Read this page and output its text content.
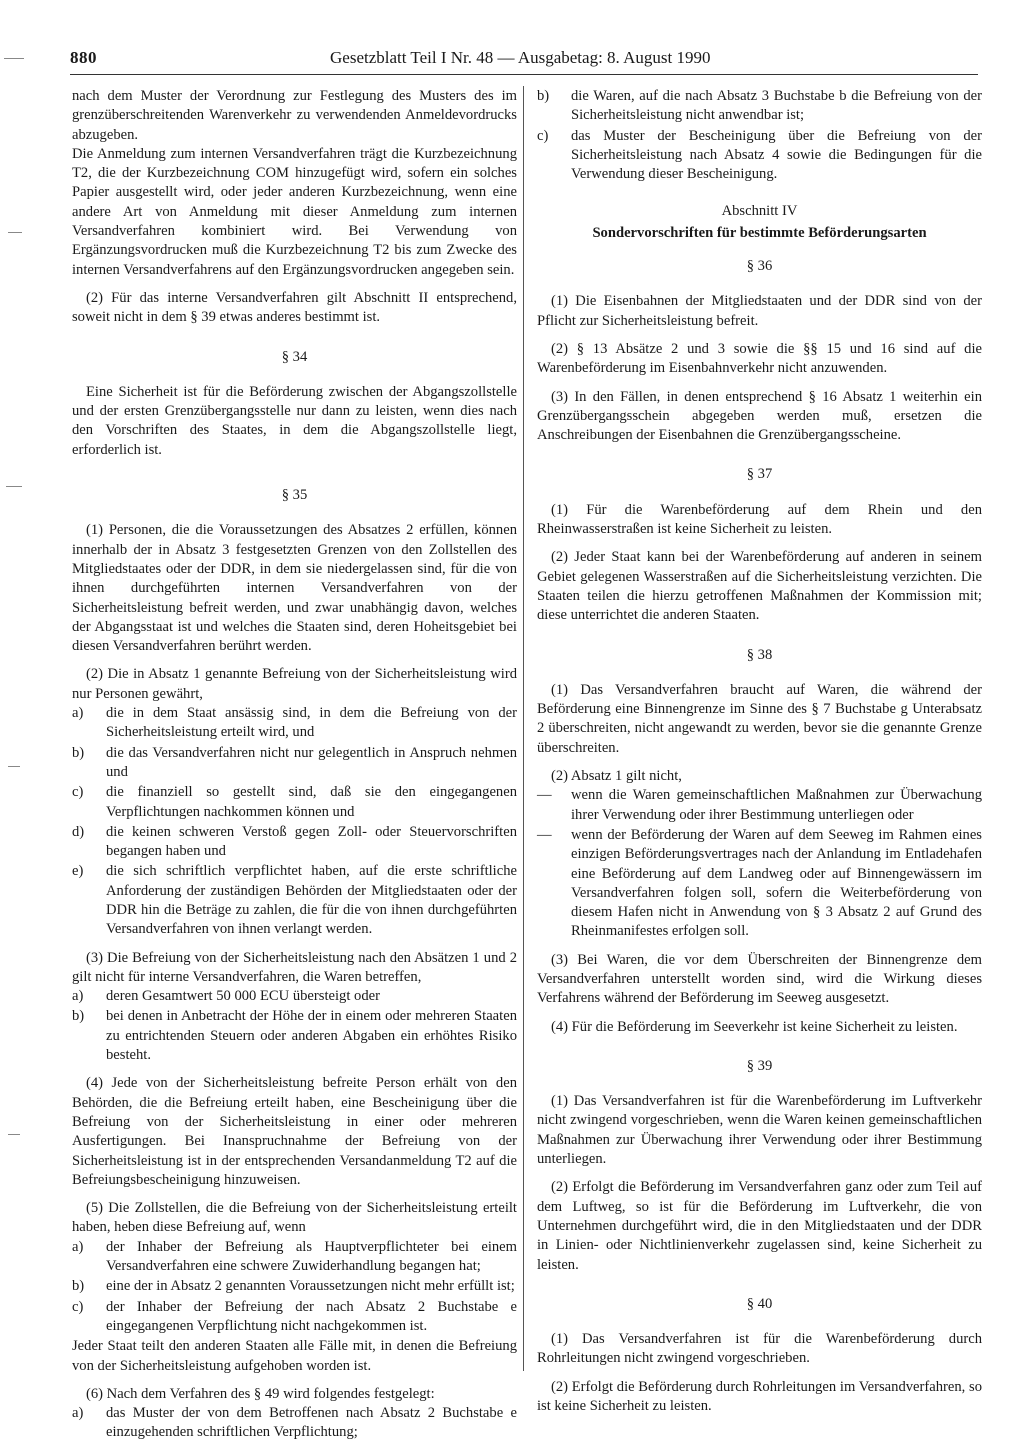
880	Gesetzblatt Teil I Nr. 48 — Ausgabetag: 8. August 1990

nach dem Muster der Verordnung zur Festlegung des Musters des im grenzüberschreitenden Warenverkehr zu verwendenden Anmeldevordrucks abzugeben.

Die Anmeldung zum internen Versandverfahren trägt die Kurzbezeichnung T2, die der Kurzbezeichnung COM hinzugefügt wird, sofern ein solches Papier ausgestellt wird, oder jeder anderen Kurzbezeichnung, wenn eine andere Art von Anmeldung mit dieser Anmeldung zum internen Versandverfahren kombiniert wird. Bei Verwendung von Ergänzungsvordrucken muß die Kurzbezeichnung T2 bis zum Zwecke des internen Versandverfahrens auf den Ergänzungsvordrucken angegeben sein.

(2) Für das interne Versandverfahren gilt Abschnitt II entsprechend, soweit nicht in dem § 39 etwas anderes bestimmt ist.

§ 34

Eine Sicherheit ist für die Beförderung zwischen der Abgangszollstelle und der ersten Grenzübergangsstelle nur dann zu leisten, wenn dies nach den Vorschriften des Staates, in dem die Abgangszollstelle liegt, erforderlich ist.

§ 35

(1) Personen, die die Voraussetzungen des Absatzes 2 erfüllen, können innerhalb der in Absatz 3 festgesetzten Grenzen von den Zollstellen des Mitgliedstaates oder der DDR, in dem sie niedergelassen sind, für die von ihnen durchgeführten internen Versandverfahren von der Sicherheitsleistung befreit werden, und zwar unabhängig davon, welches der Abgangsstaat ist und welches die Staaten sind, deren Hoheitsgebiet bei diesen Versandverfahren berührt werden.

(2) Die in Absatz 1 genannte Befreiung von der Sicherheitsleistung wird nur Personen gewährt,

a)	die in dem Staat ansässig sind, in dem die Befreiung von der Sicherheitsleistung erteilt wird, und
b)	die das Versandverfahren nicht nur gelegentlich in Anspruch nehmen und
c)	die finanziell so gestellt sind, daß sie den eingegangenen Verpflichtungen nachkommen können und
d)	die keinen schweren Verstoß gegen Zoll- oder Steuervorschriften begangen haben und
e)	die sich schriftlich verpflichtet haben, auf die erste schriftliche Anforderung der zuständigen Behörden der Mitgliedstaaten oder der DDR hin die Beträge zu zahlen, die für die von ihnen durchgeführten Versandverfahren von ihnen verlangt werden.

(3) Die Befreiung von der Sicherheitsleistung nach den Absätzen 1 und 2 gilt nicht für interne Versandverfahren, die Waren betreffen,

a)	deren Gesamtwert 50 000 ECU übersteigt oder
b)	bei denen in Anbetracht der Höhe der in einem oder mehreren Staaten zu entrichtenden Steuern oder anderen Abgaben ein erhöhtes Risiko besteht.

(4) Jede von der Sicherheitsleistung befreite Person erhält von den Behörden, die die Befreiung erteilt haben, eine Bescheinigung über die Befreiung von der Sicherheitsleistung in einer oder mehreren Ausfertigungen. Bei Inanspruchnahme der Befreiung von der Sicherheitsleistung ist in der entsprechenden Versandanmeldung T2 auf die Befreiungsbescheinigung hinzuweisen.

(5) Die Zollstellen, die die Befreiung von der Sicherheitsleistung erteilt haben, heben diese Befreiung auf, wenn

a)	der Inhaber der Befreiung als Hauptverpflichteter bei einem Versandverfahren eine schwere Zuwiderhandlung begangen hat;
b)	eine der in Absatz 2 genannten Voraussetzungen nicht mehr erfüllt ist;
c)	der Inhaber der Befreiung der nach Absatz 2 Buchstabe e eingegangenen Verpflichtung nicht nachgekommen ist.

Jeder Staat teilt den anderen Staaten alle Fälle mit, in denen die Befreiung von der Sicherheitsleistung aufgehoben worden ist.

(6) Nach dem Verfahren des § 49 wird folgendes festgelegt:

a)	das Muster der von dem Betroffenen nach Absatz 2 Buchstabe e einzugehenden schriftlichen Verpflichtung;
b)	die Waren, auf die nach Absatz 3 Buchstabe b die Befreiung von der Sicherheitsleistung nicht anwendbar ist;
c)	das Muster der Bescheinigung über die Befreiung von der Sicherheitsleistung nach Absatz 4 sowie die Bedingungen für die Verwendung dieser Bescheinigung.
Abschnitt IV
Sondervorschriften für bestimmte Beförderungsarten
§ 36

(1) Die Eisenbahnen der Mitgliedstaaten und der DDR sind von der Pflicht zur Sicherheitsleistung befreit.

(2) § 13 Absätze 2 und 3 sowie die §§ 15 und 16 sind auf die Warenbeförderung im Eisenbahnverkehr nicht anzuwenden.

(3) In den Fällen, in denen entsprechend § 16 Absatz 1 weiterhin ein Grenzübergangsschein abgegeben werden muß, ersetzen die Anschreibungen der Eisenbahnen die Grenzübergangsscheine.

§ 37

(1) Für die Warenbeförderung auf dem Rhein und den Rheinwasserstraßen ist keine Sicherheit zu leisten.

(2) Jeder Staat kann bei der Warenbeförderung auf anderen in seinem Gebiet gelegenen Wasserstraßen auf die Sicherheitsleistung verzichten. Die Staaten teilen die hierzu getroffenen Maßnahmen der Kommission mit; diese unterrichtet die anderen Staaten.

§ 38

(1) Das Versandverfahren braucht auf Waren, die während der Beförderung eine Binnengrenze im Sinne des § 7 Buchstabe g Unterabsatz 2 überschreiten, nicht angewandt zu werden, bevor sie die genannte Grenze überschreiten.

(2) Absatz 1 gilt nicht,

—	wenn die Waren gemeinschaftlichen Maßnahmen zur Überwachung ihrer Verwendung oder ihrer Bestimmung unterliegen oder
—	wenn der Beförderung der Waren auf dem Seeweg im Rahmen eines einzigen Beförderungsvertrages nach der Anlandung im Entladehafen eine Beförderung auf dem Landweg oder auf Binnengewässern im Versandverfahren folgen soll, sofern die Weiterbeförderung von diesem Hafen nicht in Anwendung von § 3 Absatz 2 auf Grund des Rheinmanifestes erfolgen soll.

(3) Bei Waren, die vor dem Überschreiten der Binnengrenze dem Versandverfahren unterstellt worden sind, wird die Wirkung dieses Verfahrens während der Beförderung im Seeweg ausgesetzt.

(4) Für die Beförderung im Seeverkehr ist keine Sicherheit zu leisten.

§ 39

(1) Das Versandverfahren ist für die Warenbeförderung im Luftverkehr nicht zwingend vorgeschrieben, wenn die Waren keinen gemeinschaftlichen Maßnahmen zur Überwachung ihrer Verwendung oder ihrer Bestimmung unterliegen.

(2) Erfolgt die Beförderung im Versandverfahren ganz oder zum Teil auf dem Luftweg, so ist für die Beförderung im Luftverkehr, die von Unternehmen durchgeführt wird, die in den Mitgliedstaaten und der DDR in Linien- oder Nichtlinienverkehr zugelassen sind, keine Sicherheit zu leisten.

§ 40

(1) Das Versandverfahren ist für die Warenbeförderung durch Rohrleitungen nicht zwingend vorgeschrieben.

(2) Erfolgt die Beförderung durch Rohrleitungen im Versandverfahren, so ist keine Sicherheit zu leisten.
